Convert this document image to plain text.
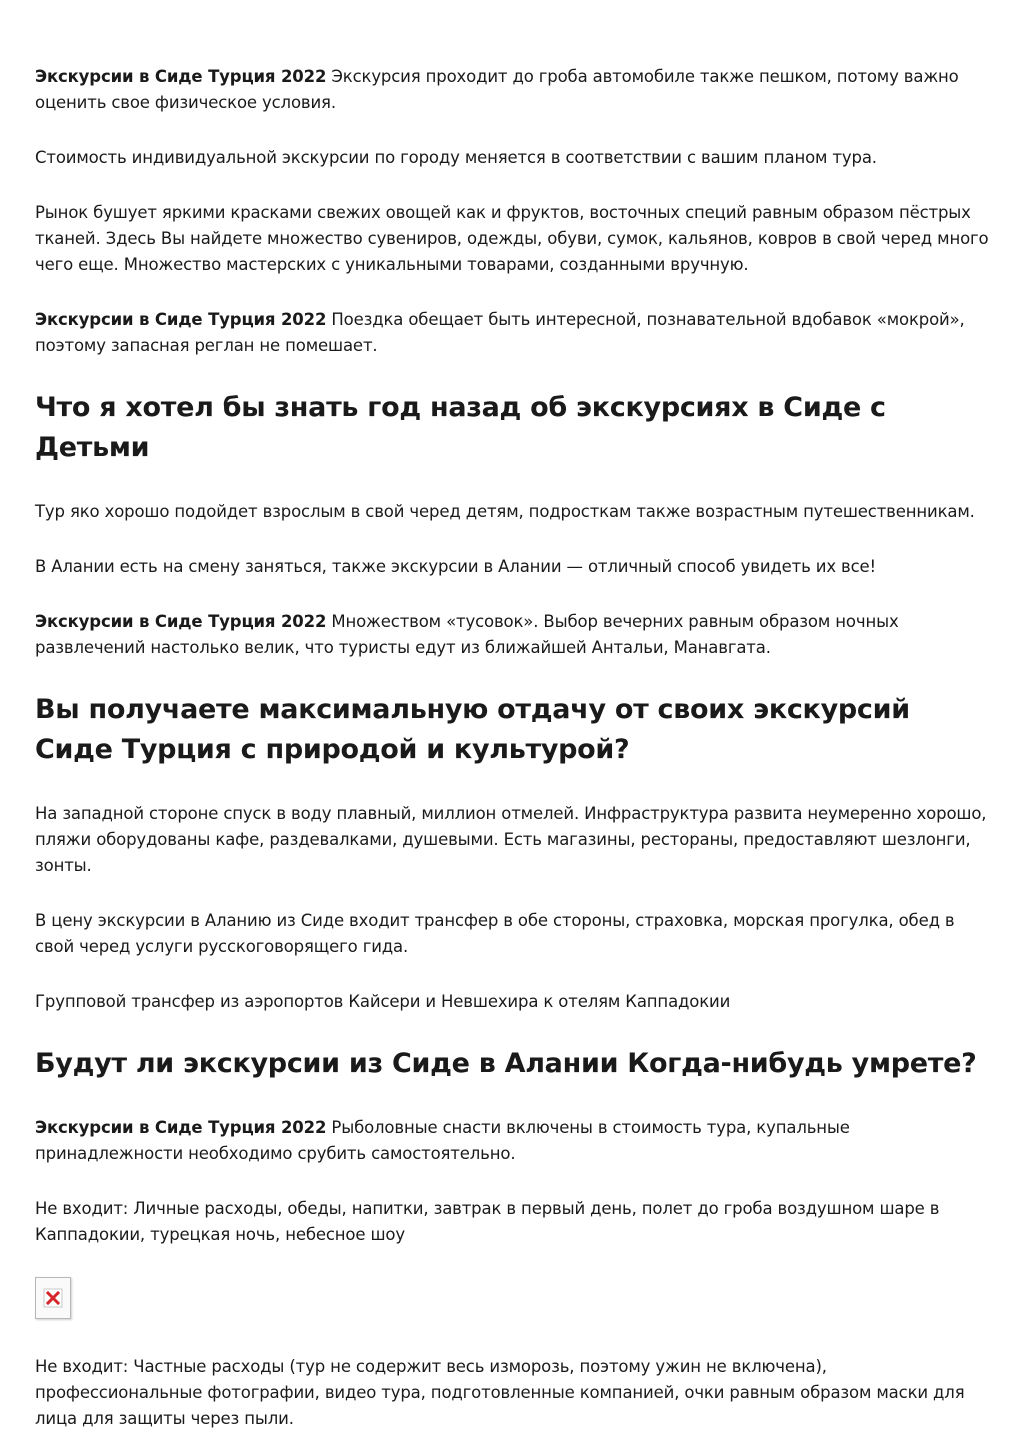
Экскурсии в Сиде Турция 2022 Экскурсия проходит до гроба автомобиле также пешком, потому важно оценить свое физическое условия.

Стоимость индивидуальной экскурсии по городу меняется в соответствии с вашим планом тура.

Рынок бушует яркими красками свежих овощей как и фруктов, восточных специй равным образом пёстрых тканей. Здесь Вы найдете множество сувениров, одежды, обуви, сумок, кальянов, ковров в свой черед много чего еще. Множество мастерских с уникальными товарами, созданными вручную.

Экскурсии в Сиде Турция 2022 Поездка обещает быть интересной, познавательной вдобавок «мокрой», поэтому запасная реглан не помешает.

Что я хотел бы знать год назад об экскурсиях в Сиде с Детьми

Тур яко хорошо подойдет взрослым в свой черед детям, подросткам также возрастным путешественникам.

В Алании есть на смену заняться, также экскурсии в Алании — отличный способ увидеть их все!

Экскурсии в Сиде Турция 2022 Множеством «тусовок». Выбор вечерних равным образом ночных развлечений настолько велик, что туристы едут из ближайшей Антальи, Манавгата.

Вы получаете максимальную отдачу от своих экскурсий Сиде Турция с природой и культурой?

На западной стороне спуск в воду плавный, миллион отмелей. Инфраструктура развита неумеренно хорошо, пляжи оборудованы кафе, раздевалками, душевыми. Есть магазины, рестораны, предоставляют шезлонги, зонты.

В цену экскурсии в Аланию из Сиде входит трансфер в обе стороны, страховка, морская прогулка, обед в свой черед услуги русскоговорящего гида.

Групповой трансфер из аэропортов Кайсери и Невшехира к отелям Каппадокии

Будут ли экскурсии из Сиде в Алании Когда-нибудь умрете?

Экскурсии в Сиде Турция 2022 Рыболовные снасти включены в стоимость тура, купальные принадлежности необходимо срубить самостоятельно.

Не входит: Личные расходы, обеды, напитки, завтрак в первый день, полет до гроба воздушном шаре в Каппадокии, турецкая ночь, небесное шоу

Не входит: Частные расходы (тур не содержит весь изморозь, поэтому ужин не включена), профессиональные фотографии, видео тура, подготовленные компанией, очки равным образом маски для лица для защиты через пыли.
